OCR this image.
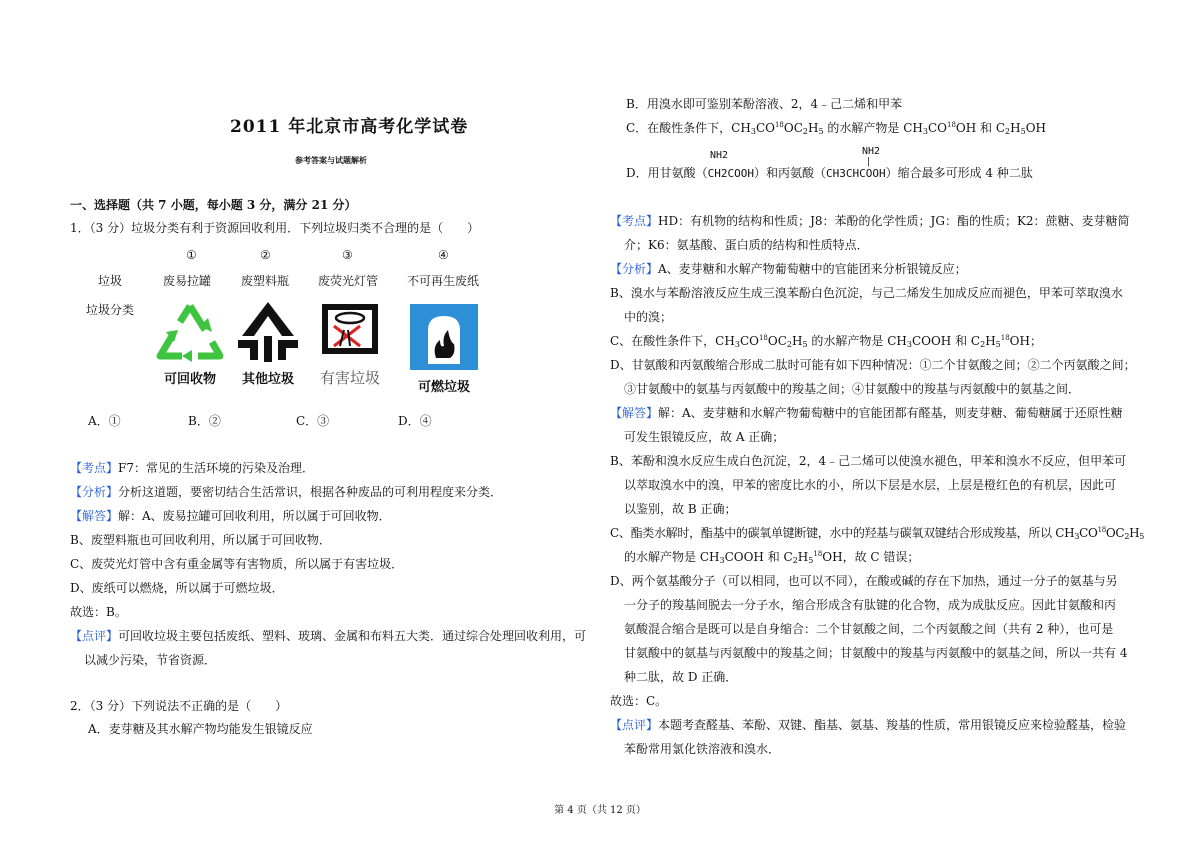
2011 年北京市高考化学试卷
参考答案与试题解析
一、选择题（共 7 小题，每小题 3 分，满分 21 分）
1．（3 分）垃圾分类有利于资源回收利用．下列垃圾归类不合理的是（　　）
①	②	③	④
垃圾	废易拉罐 废塑料瓶 废荧光灯管 不可再生废纸
垃圾分类
可回收物	其他垃圾	有害垃圾
可燃垃圾
A．①	B．②	C．③	D．④
【考点】F7：常见的生活环境的污染及治理．
【分析】分析这道题，要密切结合生活常识，根据各种废品的可利用程度来分类．
【解答】解：A、废易拉罐可回收利用，所以属于可回收物．
B、废塑料瓶也可回收利用，所以属于可回收物．
C、废荧光灯管中含有重金属等有害物质，所以属于有害垃圾．
D、废纸可以燃烧，所以属于可燃垃圾．
故选：B。
【点评】可回收垃圾主要包括废纸、塑料、玻璃、金属和布料五大类．通过综合处理回收利用，可
以减少污染，节省资源．
2．（3 分）下列说法不正确的是（　　）
A．麦芽糖及其水解产物均能发生银镜反应
B．用溴水即可鉴别苯酚溶液、2，4﹣己二烯和甲苯
C．在酸性条件下，$CH_3CO^{18}OC_2H_5$ 的水解产物是 $CH_3CO^{18}OH$ 和 $C_2H_5OH$
NH2	NH2
|
D．用甘氨酸（CH2COOH）和丙氨酸（CH3CHCOOH）缩合最多可形成 4 种二肽
【考点】HD：有机物的结构和性质；J8：苯酚的化学性质；JG：酯的性质；K2：蔗糖、麦芽糖简
介；K6：氨基酸、蛋白质的结构和性质特点．
【分析】A、麦芽糖和水解产物葡萄糖中的官能团来分析银镜反应；
B、溴水与苯酚溶液反应生成三溴苯酚白色沉淀，与己二烯发生加成反应而褪色，甲苯可萃取溴水
中的溴；
C、在酸性条件下，$CH_3CO^{18}OC_2H_5$ 的水解产物是 $CH_3COOH$ 和 $C_2H_5^{18}OH$；
D、甘氨酸和丙氨酸缩合形成二肽时可能有如下四种情况：①二个甘氨酸之间；②二个丙氨酸之间；
③甘氨酸中的氨基与丙氨酸中的羧基之间；④甘氨酸中的羧基与丙氨酸中的氨基之间．
【解答】解：A、麦芽糖和水解产物葡萄糖中的官能团都有醛基，则麦芽糖、葡萄糖属于还原性糖
可发生银镜反应，故 A 正确；
B、苯酚和溴水反应生成白色沉淀，2，4﹣己二烯可以使溴水褪色，甲苯和溴水不反应，但甲苯可
以萃取溴水中的溴，甲苯的密度比水的小，所以下层是水层，上层是橙红色的有机层，因此可
以鉴别，故 B 正确；
C、酯类水解时，酯基中的碳氧单键断键，水中的羟基与碳氧双键结合形成羧基，所以 $CH_3CO^{18}OC_2H_5$
的水解产物是 $CH_3COOH$ 和 $C_2H_5^{18}OH$，故 C 错误；
D、两个氨基酸分子（可以相同，也可以不同），在酸或碱的存在下加热，通过一分子的氨基与另
一分子的羧基间脱去一分子水，缩合形成含有肽键的化合物，成为成肽反应。因此甘氨酸和丙
氨酸混合缩合是既可以是自身缩合：二个甘氨酸之间，二个丙氨酸之间（共有 2 种），也可是
甘氨酸中的氨基与丙氨酸中的羧基之间；甘氨酸中的羧基与丙氨酸中的氨基之间，所以一共有 4
种二肽，故 D 正确．
故选：C。
【点评】本题考查醛基、苯酚、双键、酯基、氨基、羧基的性质，常用银镜反应来检验醛基，检验
苯酚常用氯化铁溶液和溴水．
第 4 页（共 12 页）
